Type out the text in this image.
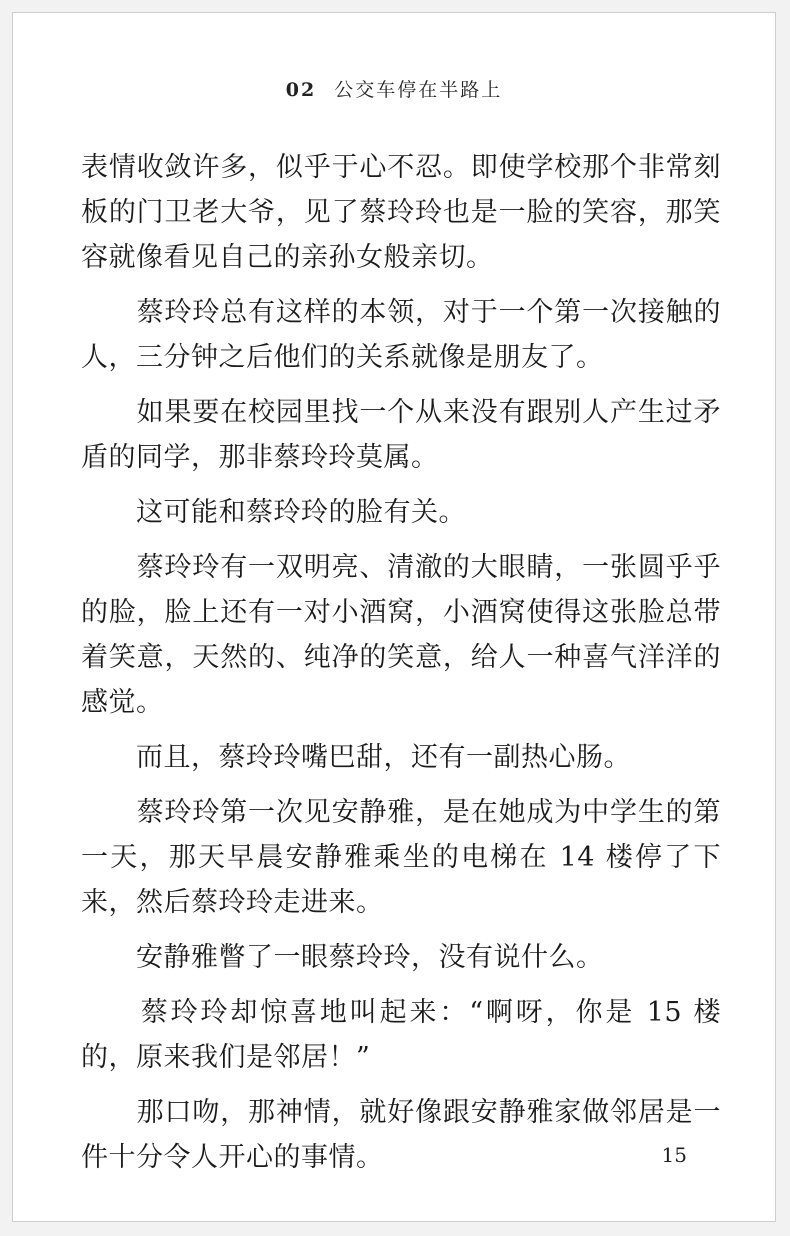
02 公交车停在半路上

表情收敛许多，似乎于心不忍。即使学校那个非常刻板的门卫老大爷，见了蔡玲玲也是一脸的笑容，那笑容就像看见自己的亲孙女般亲切。

　　蔡玲玲总有这样的本领，对于一个第一次接触的人，三分钟之后他们的关系就像是朋友了。

　　如果要在校园里找一个从来没有跟别人产生过矛盾的同学，那非蔡玲玲莫属。

　　这可能和蔡玲玲的脸有关。

　　蔡玲玲有一双明亮、清澈的大眼睛，一张圆乎乎的脸，脸上还有一对小酒窝，小酒窝使得这张脸总带着笑意，天然的、纯净的笑意，给人一种喜气洋洋的感觉。

　　而且，蔡玲玲嘴巴甜，还有一副热心肠。

　　蔡玲玲第一次见安静雅，是在她成为中学生的第一天，那天早晨安静雅乘坐的电梯在 14 楼停了下来，然后蔡玲玲走进来。

　　安静雅瞥了一眼蔡玲玲，没有说什么。

　　蔡玲玲却惊喜地叫起来：“啊呀，你是 15 楼的，原来我们是邻居！”

　　那口吻，那神情，就好像跟安静雅家做邻居是一件十分令人开心的事情。	15
